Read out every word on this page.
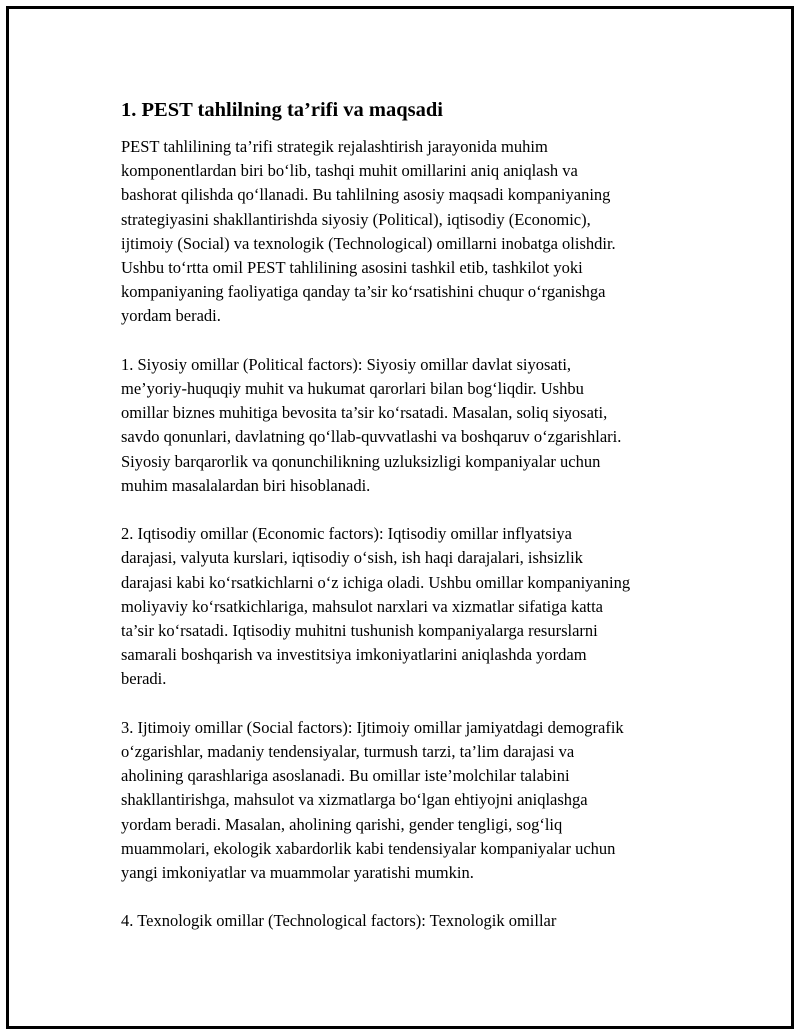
1. PEST tahlilning ta’rifi va maqsadi

PEST tahlilining ta’rifi strategik rejalashtirish jarayonida muhim
komponentlardan biri bo‘lib, tashqi muhit omillarini aniq aniqlash va
bashorat qilishda qo‘llanadi. Bu tahlilning asosiy maqsadi kompaniyaning
strategiyasini shakllantirishda siyosiy (Political), iqtisodiy (Economic),
ijtimoiy (Social) va texnologik (Technological) omillarni inobatga olishdir.
Ushbu to‘rtta omil PEST tahlilining asosini tashkil etib, tashkilot yoki
kompaniyaning faoliyatiga qanday ta’sir ko‘rsatishini chuqur o‘rganishga
yordam beradi.

1. Siyosiy omillar (Political factors): Siyosiy omillar davlat siyosati,
me’yoriy-huquqiy muhit va hukumat qarorlari bilan bog‘liqdir. Ushbu
omillar biznes muhitiga bevosita ta’sir ko‘rsatadi. Masalan, soliq siyosati,
savdo qonunlari, davlatning qo‘llab-quvvatlashi va boshqaruv o‘zgarishlari.
Siyosiy barqarorlik va qonunchilikning uzluksizligi kompaniyalar uchun
muhim masalalardan biri hisoblanadi.

2. Iqtisodiy omillar (Economic factors): Iqtisodiy omillar inflyatsiya
darajasi, valyuta kurslari, iqtisodiy o‘sish, ish haqi darajalari, ishsizlik
darajasi kabi ko‘rsatkichlarni o‘z ichiga oladi. Ushbu omillar kompaniyaning
moliyaviy ko‘rsatkichlariga, mahsulot narxlari va xizmatlar sifatiga katta
ta’sir ko‘rsatadi. Iqtisodiy muhitni tushunish kompaniyalarga resurslarni
samarali boshqarish va investitsiya imkoniyatlarini aniqlashda yordam
beradi.

3. Ijtimoiy omillar (Social factors): Ijtimoiy omillar jamiyatdagi demografik
o‘zgarishlar, madaniy tendensiyalar, turmush tarzi, ta’lim darajasi va
aholining qarashlariga asoslanadi. Bu omillar iste’molchilar talabini
shakllantirishga, mahsulot va xizmatlarga bo‘lgan ehtiyojni aniqlashga
yordam beradi. Masalan, aholining qarishi, gender tengligi, sog‘liq
muammolari, ekologik xabardorlik kabi tendensiyalar kompaniyalar uchun
yangi imkoniyatlar va muammolar yaratishi mumkin.

4. Texnologik omillar (Technological factors): Texnologik omillar
